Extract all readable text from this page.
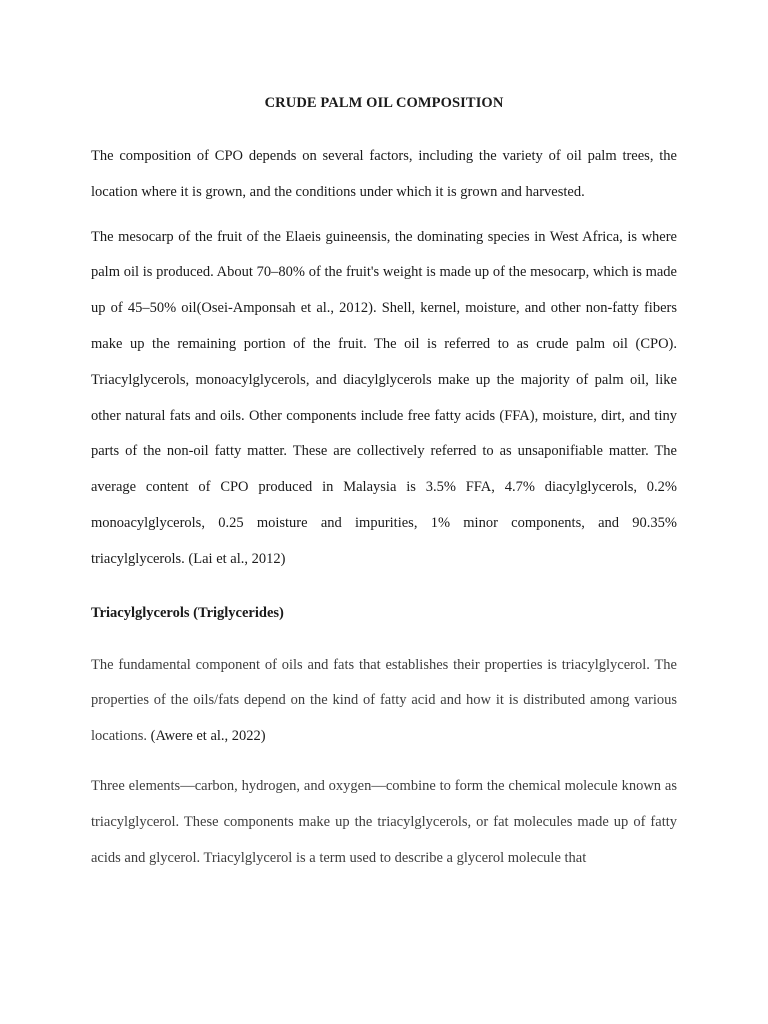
CRUDE PALM OIL COMPOSITION

The composition of CPO depends on several factors, including the variety of oil palm trees, the location where it is grown, and the conditions under which it is grown and harvested.

The mesocarp of the fruit of the Elaeis guineensis, the dominating species in West Africa, is where palm oil is produced. About 70–80% of the fruit's weight is made up of the mesocarp, which is made up of 45–50% oil(Osei-Amponsah et al., 2012). Shell, kernel, moisture, and other non-fatty fibers make up the remaining portion of the fruit. The oil is referred to as crude palm oil (CPO). Triacylglycerols, monoacylglycerols, and diacylglycerols make up the majority of palm oil, like other natural fats and oils. Other components include free fatty acids (FFA), moisture, dirt, and tiny parts of the non-oil fatty matter. These are collectively referred to as unsaponifiable matter. The average content of CPO produced in Malaysia is 3.5% FFA, 4.7% diacylglycerols, 0.2% monoacylglycerols, 0.25 moisture and impurities, 1% minor components, and 90.35% triacylglycerols. (Lai et al., 2012)

Triacylglycerols (Triglycerides)

The fundamental component of oils and fats that establishes their properties is triacylglycerol. The properties of the oils/fats depend on the kind of fatty acid and how it is distributed among various locations. (Awere et al., 2022)

Three elements—carbon, hydrogen, and oxygen—combine to form the chemical molecule known as triacylglycerol. These components make up the triacylglycerols, or fat molecules made up of fatty acids and glycerol. Triacylglycerol is a term used to describe a glycerol molecule that
